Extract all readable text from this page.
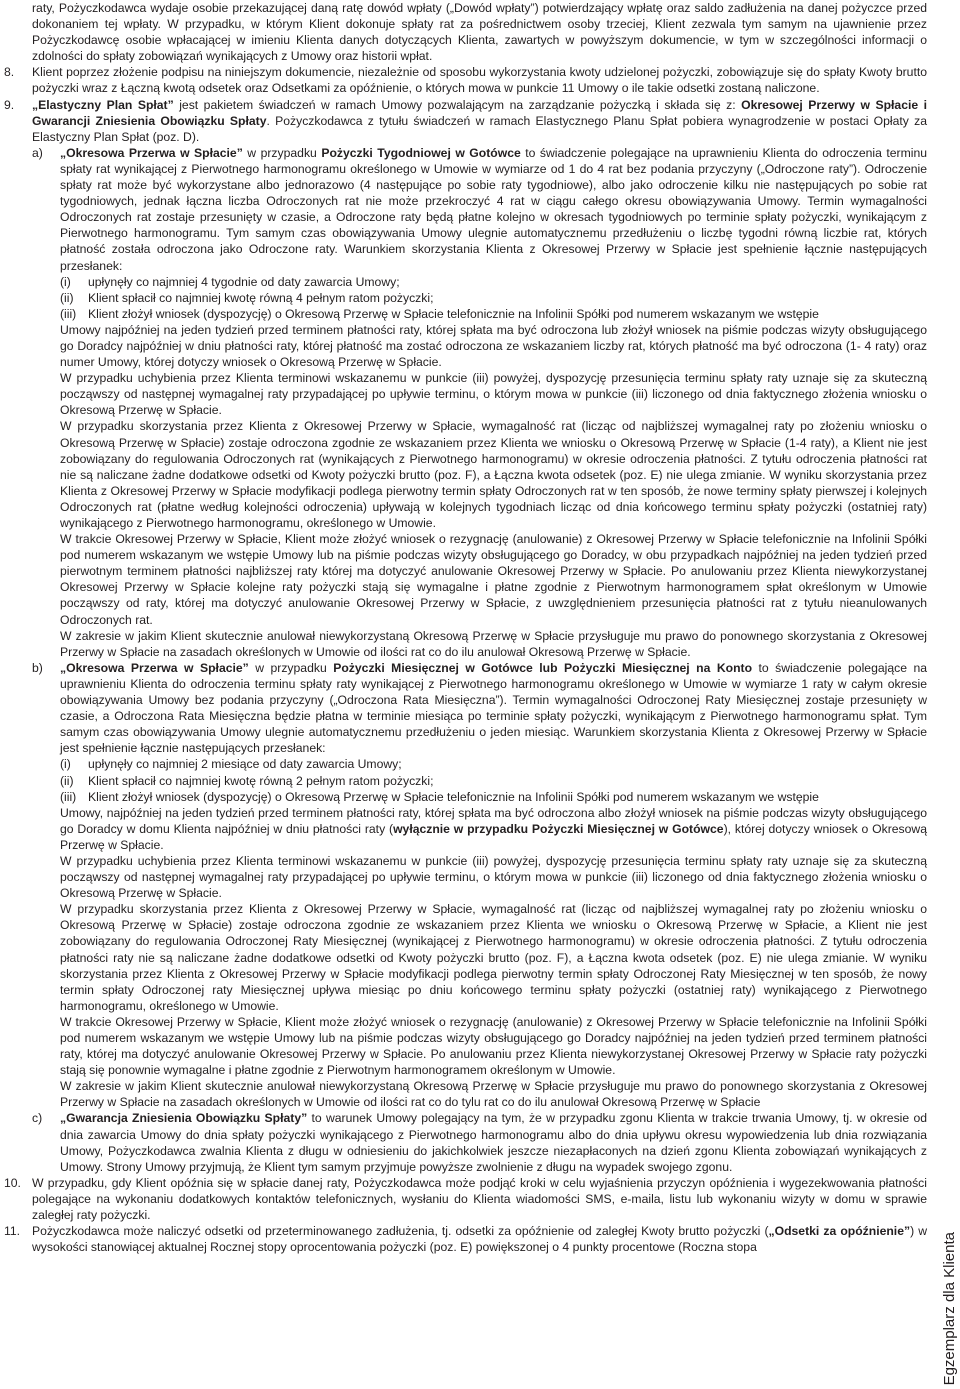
raty, Pożyczkodawca wydaje osobie przekazującej daną ratę dowód wpłaty („Dowód wpłaty”) potwierdzający wpłatę oraz saldo zadłużenia na danej pożyczce przed dokonaniem tej wpłaty. W przypadku, w którym Klient dokonuje spłaty rat za pośrednictwem osoby trzeciej, Klient zezwala tym samym na ujawnienie przez Pożyczkodawcę osobie wpłacającej w imieniu Klienta danych dotyczących Klienta, zawartych w powyższym dokumencie, w tym w szczególności informacji o zdolności do spłaty zobowiązań wynikających z Umowy oraz historii wpłat.

8.	Klient poprzez złożenie podpisu na niniejszym dokumencie, niezależnie od sposobu wykorzystania kwoty udzielonej pożyczki, zobowiązuje się do spłaty Kwoty brutto pożyczki wraz z Łączną kwotą odsetek oraz Odsetkami za opóźnienie, o których mowa w punkcie 11 Umowy o ile takie odsetki zostaną naliczone.

9.	„Elastyczny Plan Spłat” jest pakietem świadczeń w ramach Umowy pozwalającym na zarządzanie pożyczką i składa się z: Okresowej Przerwy w Spłacie i Gwarancji Zniesienia Obowiązku Spłaty. Pożyczkodawca z tytułu świadczeń w ramach Elastycznego Planu Spłat pobiera wynagrodzenie w postaci Opłaty za Elastyczny Plan Spłat (poz. D).

a)	„Okresowa Przerwa w Spłacie” w przypadku Pożyczki Tygodniowej w Gotówce to świadczenie polegające na uprawnieniu Klienta do odroczenia terminu spłaty rat wynikającej z Pierwotnego harmonogramu określonego w Umowie w wymiarze od 1 do 4 rat bez podania przyczyny („Odroczone raty”). Odroczenie spłaty rat może być wykorzystane albo jednorazowo (4 następujące po sobie raty tygodniowe), albo jako odroczenie kilku nie następujących po sobie rat tygodniowych, jednak łączna liczba Odroczonych rat nie może przekroczyć 4 rat w ciągu całego okresu obowiązywania Umowy. Termin wymagalności Odroczonych rat zostaje przesunięty w czasie, a Odroczone raty będą płatne kolejno w okresach tygodniowych po terminie spłaty pożyczki, wynikającym z Pierwotnego harmonogramu. Tym samym czas obowiązywania Umowy ulegnie automatycznemu przedłużeniu o liczbę tygodni równą liczbie rat, których płatność została odroczona jako Odroczone raty. Warunkiem skorzystania Klienta z Okresowej Przerwy w Spłacie jest spełnienie łącznie następujących przesłanek:

(i)	upłynęły co najmniej 4 tygodnie od daty zawarcia Umowy;

(ii)	Klient spłacił co najmniej kwotę równą 4 pełnym ratom pożyczki;

(iii) Klient złożył wniosek (dyspozycję) o Okresową Przerwę w Spłacie telefonicznie na Infolinii Spółki pod numerem wskazanym we wstępie

Umowy najpóźniej na jeden tydzień przed terminem płatności raty, której spłata ma być odroczona lub złożył wniosek na piśmie podczas wizyty obsługującego go Doradcy najpóźniej w dniu płatności raty, której płatność ma zostać odroczona ze wskazaniem liczby rat, których płatność ma być odroczona (1- 4 raty) oraz numer Umowy, której dotyczy wniosek o Okresową Przerwę w Spłacie.

W przypadku uchybienia przez Klienta terminowi wskazanemu w punkcie (iii) powyżej, dyspozycję przesunięcia terminu spłaty raty uznaje się za skuteczną począwszy od następnej wymagalnej raty przypadającej po upływie terminu, o którym mowa w punkcie (iii) liczonego od dnia faktycznego złożenia wniosku o Okresową Przerwę w Spłacie.

W przypadku skorzystania przez Klienta z Okresowej Przerwy w Spłacie, wymagalność rat (licząc od najbliższej wymagalnej raty po złożeniu wniosku o Okresową Przerwę w Spłacie) zostaje odroczona zgodnie ze wskazaniem przez Klienta we wniosku o Okresową Przerwę w Spłacie (1-4 raty), a Klient nie jest zobowiązany do regulowania Odroczonych rat (wynikających z Pierwotnego harmonogramu) w okresie odroczenia płatności. Z tytułu odroczenia płatności rat nie są naliczane żadne dodatkowe odsetki od Kwoty pożyczki brutto (poz. F), a Łączna kwota odsetek (poz. E) nie ulega zmianie. W wyniku skorzystania przez Klienta z Okresowej Przerwy w Spłacie modyfikacji podlega pierwotny termin spłaty Odroczonych rat w ten sposób, że nowe terminy spłaty pierwszej i kolejnych Odroczonych rat (płatne według kolejności odroczenia) upływają w kolejnych tygodniach licząc od dnia końcowego terminu spłaty pożyczki (ostatniej raty) wynikającego z Pierwotnego harmonogramu, określonego w Umowie.

W trakcie Okresowej Przerwy w Spłacie, Klient może złożyć wniosek o rezygnację (anulowanie) z Okresowej Przerwy w Spłacie telefonicznie na Infolinii Spółki pod numerem wskazanym we wstępie Umowy lub na piśmie podczas wizyty obsługującego go Doradcy, w obu przypadkach najpóźniej na jeden tydzień przed pierwotnym terminem płatności najbliższej raty której ma dotyczyć anulowanie Okresowej Przerwy w Spłacie. Po anulowaniu przez Klienta niewykorzystanej Okresowej Przerwy w Spłacie kolejne raty pożyczki stają się wymagalne i płatne zgodnie z Pierwotnym harmonogramem spłat określonym w Umowie począwszy od raty, której ma dotyczyć anulowanie Okresowej Przerwy w Spłacie, z uwzględnieniem przesunięcia płatności rat z tytułu nieanulowanych Odroczonych rat.

W zakresie w jakim Klient skutecznie anulował niewykorzystaną Okresową Przerwę w Spłacie przysługuje mu prawo do ponownego skorzystania z Okresowej Przerwy w Spłacie na zasadach określonych w Umowie od ilości rat co do ilu anulował Okresową Przerwę w Spłacie.

b)	„Okresowa Przerwa w Spłacie” w przypadku Pożyczki Miesięcznej w Gotówce lub Pożyczki Miesięcznej na Konto to świadczenie polegające na uprawnieniu Klienta do odroczenia terminu spłaty raty wynikającej z Pierwotnego harmonogramu określonego w Umowie w wymiarze 1 raty w całym okresie obowiązywania Umowy bez podania przyczyny („Odroczona Rata Miesięczna”). Termin wymagalności Odroczonej Raty Miesięcznej zostaje przesunięty w czasie, a Odroczona Rata Miesięczna będzie płatna w terminie miesiąca po terminie spłaty pożyczki, wynikającym z Pierwotnego harmonogramu spłat. Tym samym czas obowiązywania Umowy ulegnie automatycznemu przedłużeniu o jeden miesiąc. Warunkiem skorzystania Klienta z Okresowej Przerwy w Spłacie jest spełnienie łącznie następujących przesłanek:

(i)	upłynęły co najmniej 2 miesiące od daty zawarcia Umowy;

(ii)	Klient spłacił co najmniej kwotę równą 2 pełnym ratom pożyczki;

(iii) Klient złożył wniosek (dyspozycję) o Okresową Przerwę w Spłacie telefonicznie na Infolinii Spółki pod numerem wskazanym we wstępie

Umowy, najpóźniej na jeden tydzień przed terminem płatności raty, której spłata ma być odroczona albo złożył wniosek na piśmie podczas wizyty obsługującego go Doradcy w domu Klienta najpóźniej w dniu płatności raty (wyłącznie w przypadku Pożyczki Miesięcznej w Gotówce), której dotyczy wniosek o Okresową Przerwę w Spłacie.

W przypadku uchybienia przez Klienta terminowi wskazanemu w punkcie (iii) powyżej, dyspozycję przesunięcia terminu spłaty raty uznaje się za skuteczną począwszy od następnej wymagalnej raty przypadającej po upływie terminu, o którym mowa w punkcie (iii) liczonego od dnia faktycznego złożenia wniosku o Okresową Przerwę w Spłacie.

W przypadku skorzystania przez Klienta z Okresowej Przerwy w Spłacie, wymagalność rat (licząc od najbliższej wymagalnej raty po złożeniu wniosku o Okresową Przerwę w Spłacie) zostaje odroczona zgodnie ze wskazaniem przez Klienta we wniosku o Okresową Przerwę w Spłacie, a Klient nie jest zobowiązany do regulowania Odroczonej Raty Miesięcznej (wynikającej z Pierwotnego harmonogramu) w okresie odroczenia płatności. Z tytułu odroczenia płatności raty nie są naliczane żadne dodatkowe odsetki od Kwoty pożyczki brutto (poz. F), a Łączna kwota odsetek (poz. E) nie ulega zmianie. W wyniku skorzystania przez Klienta z Okresowej Przerwy w Spłacie modyfikacji podlega pierwotny termin spłaty Odroczonej Raty Miesięcznej w ten sposób, że nowy termin spłaty Odroczonej raty Miesięcznej upływa miesiąc po dniu końcowego terminu spłaty pożyczki (ostatniej raty) wynikającego z Pierwotnego harmonogramu, określonego w Umowie.

W trakcie Okresowej Przerwy w Spłacie, Klient może złożyć wniosek o rezygnację (anulowanie) z Okresowej Przerwy w Spłacie telefonicznie na Infolinii Spółki pod numerem wskazanym we wstępie Umowy lub na piśmie podczas wizyty obsługującego go Doradcy najpóźniej na jeden tydzień przed terminem płatności raty, której ma dotyczyć anulowanie Okresowej Przerwy w Spłacie. Po anulowaniu przez Klienta niewykorzystanej Okresowej Przerwy w Spłacie raty pożyczki stają się ponownie wymagalne i płatne zgodnie z Pierwotnym harmonogramem określonym w Umowie.

W zakresie w jakim Klient skutecznie anulował niewykorzystaną Okresową Przerwę w Spłacie przysługuje mu prawo do ponownego skorzystania z Okresowej Przerwy w Spłacie na zasadach określonych w Umowie od ilości rat co do tylu rat co do ilu anulował Okresową Przerwę w Spłacie

c)	„Gwarancja Zniesienia Obowiązku Spłaty” to warunek Umowy polegający na tym, że w przypadku zgonu Klienta w trakcie trwania Umowy, tj. w okresie od dnia zawarcia Umowy do dnia spłaty pożyczki wynikającego z Pierwotnego harmonogramu albo do dnia upływu okresu wypowiedzenia lub dnia rozwiązania Umowy, Pożyczkodawca zwalnia Klienta z długu w odniesieniu do jakichkolwiek jeszcze niezapłaconych na dzień zgonu Klienta zobowiązań wynikających z Umowy. Strony Umowy przyjmują, że Klient tym samym przyjmuje powyższe zwolnienie z długu na wypadek swojego zgonu.

10. W przypadku, gdy Klient opóźnia się w spłacie danej raty, Pożyczkodawca może podjąć kroki w celu wyjaśnienia przyczyn opóźnienia i wygezekwowania płatności polegające na wykonaniu dodatkowych kontaktów telefonicznych, wysłaniu do Klienta wiadomości SMS, e-maila, listu lub wykonaniu wizyty w domu w sprawie zaległej raty pożyczki.

11. Pożyczkodawca może naliczyć odsetki od przeterminowanego zadłużenia, tj. odsetki za opóźnienie od zaległej Kwoty brutto pożyczki („Odsetki za opóźnienie”) w wysokości stanowiącej aktualnej Rocznej stopy oprocentowania pożyczki (poz. E) powiększonej o 4 punkty procentowe (Roczna stopa	Egzemplarz dla Klienta
